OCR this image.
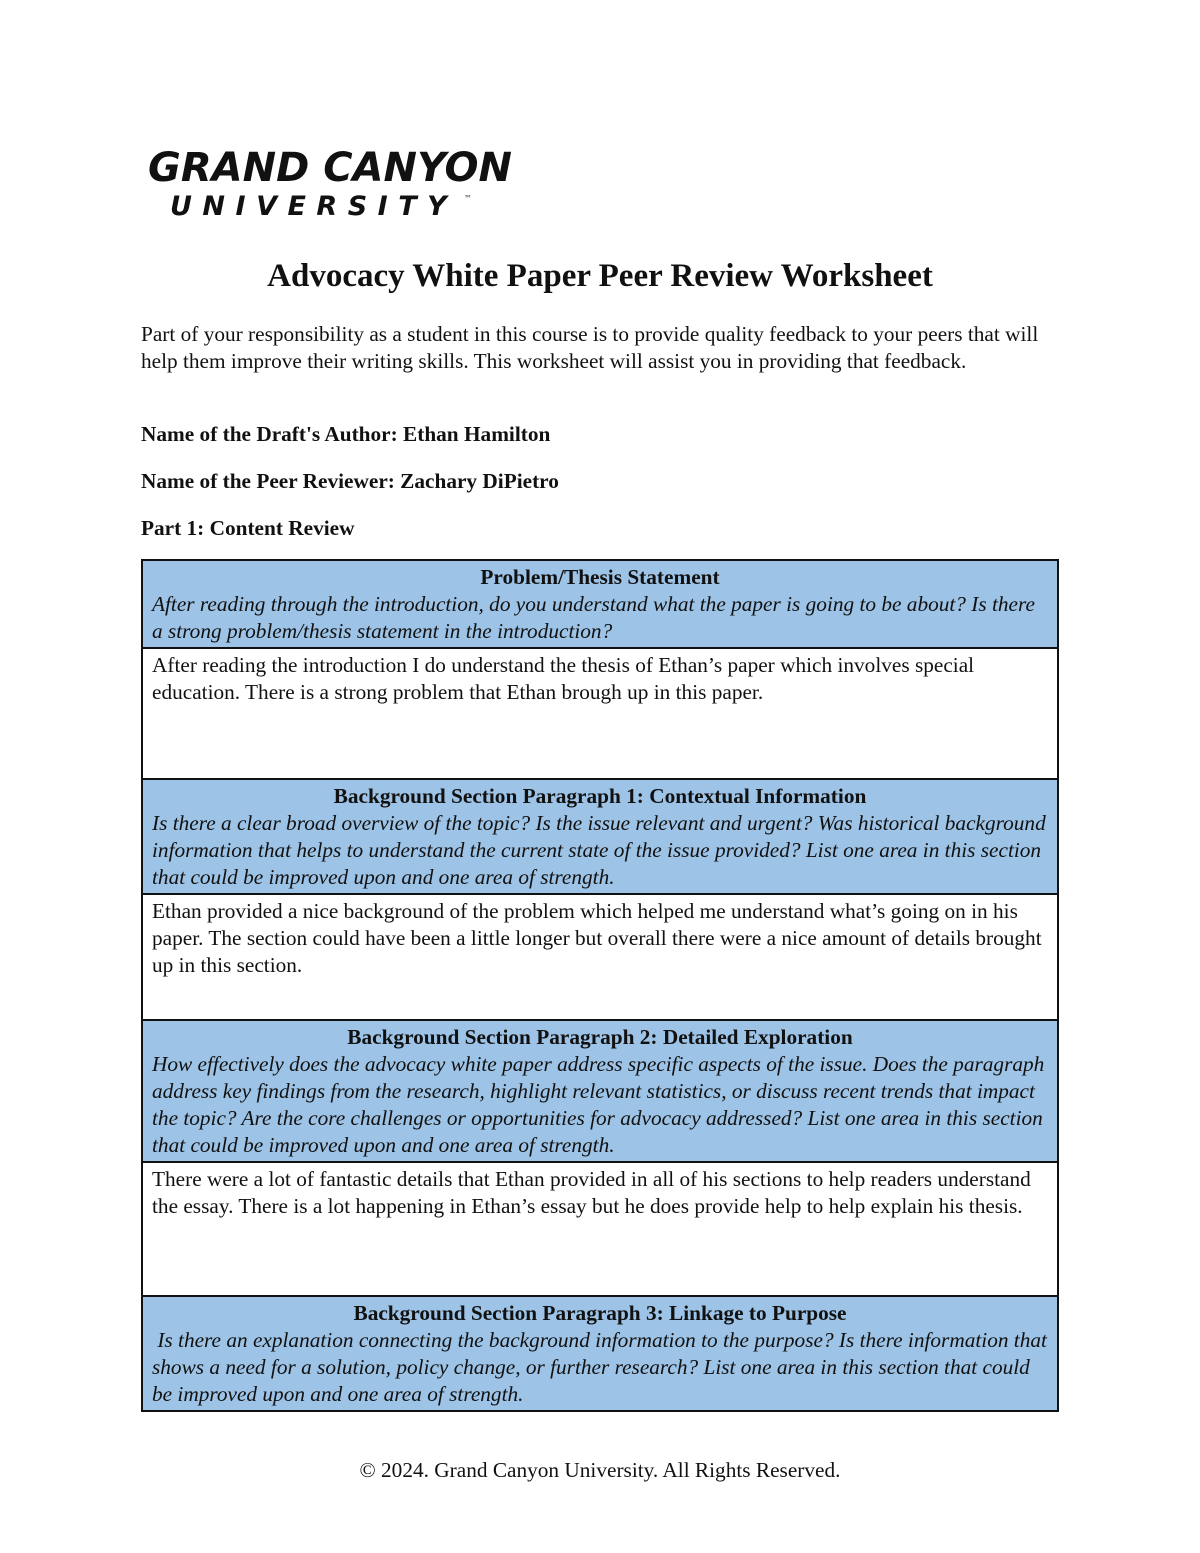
GRAND CANYON
UNIVERSITY ™
Advocacy White Paper Peer Review Worksheet
Part of your responsibility as a student in this course is to provide quality feedback to your peers that will help them improve their writing skills. This worksheet will assist you in providing that feedback.
Name of the Draft's Author: Ethan Hamilton
Name of the Peer Reviewer: Zachary DiPietro
Part 1: Content Review
Problem/Thesis Statement
After reading through the introduction, do you understand what the paper is going to be about? Is there a strong problem/thesis statement in the introduction?

After reading the introduction I do understand the thesis of Ethan’s paper which involves special education. There is a strong problem that Ethan brough up in this paper.

Background Section Paragraph 1: Contextual Information
Is there a clear broad overview of the topic? Is the issue relevant and urgent? Was historical background information that helps to understand the current state of the issue provided? List one area in this section that could be improved upon and one area of strength.

Ethan provided a nice background of the problem which helped me understand what’s going on in his paper. The section could have been a little longer but overall there were a nice amount of details brought up in this section.

Background Section Paragraph 2: Detailed Exploration
How effectively does the advocacy white paper address specific aspects of the issue. Does the paragraph address key findings from the research, highlight relevant statistics, or discuss recent trends that impact the topic? Are the core challenges or opportunities for advocacy addressed? List one area in this section that could be improved upon and one area of strength.

There were a lot of fantastic details that Ethan provided in all of his sections to help readers understand the essay. There is a lot happening in Ethan’s essay but he does provide help to help explain his thesis.

Background Section Paragraph 3: Linkage to Purpose
Is there an explanation connecting the background information to the purpose? Is there information that shows a need for a solution, policy change, or further research? List one area in this section that could be improved upon and one area of strength.
© 2024. Grand Canyon University. All Rights Reserved.
